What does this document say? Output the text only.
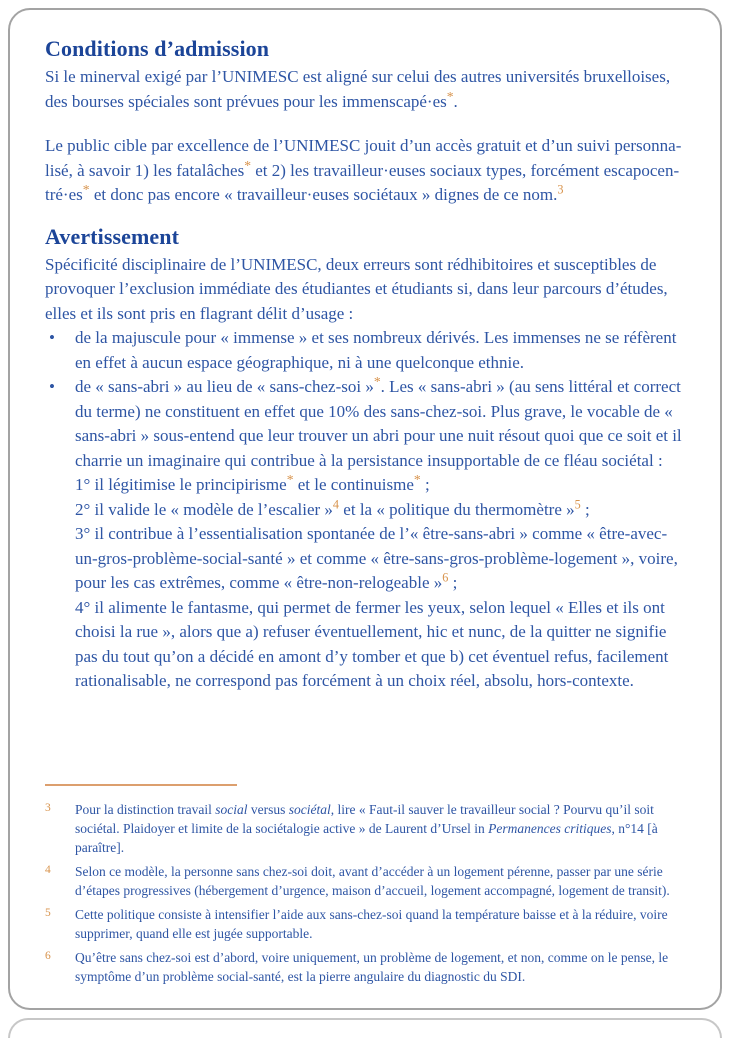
Conditions d’admission

Si le minerval exigé par l’UNIMESC est aligné sur celui des autres universités bruxelloises, des bourses spéciales sont prévues pour les immenscapé·es*.

Le public cible par excellence de l’UNIMESC jouit d’un accès gratuit et d’un suivi personnalisé, à savoir 1) les fatalâches* et 2) les travailleur·euses sociaux types, forcément escapocentré·es* et donc pas encore « travailleur·euses sociétaux » dignes de ce nom.$^3$

Avertissement

Spécificité disciplinaire de l’UNIMESC, deux erreurs sont rédhibitoires et susceptibles de provoquer l’exclusion immédiate des étudiantes et étudiants si, dans leur parcours d’études, elles et ils sont pris en flagrant délit d’usage :

• de la majuscule pour « immense » et ses nombreux dérivés. Les immenses ne se réfèrent en effet à aucun espace géographique, ni à une quelconque ethnie.
• de « sans-abri » au lieu de « sans-chez-soi »*. Les « sans-abri » (au sens littéral et correct du terme) ne constituent en effet que 10% des sans-chez-soi. Plus grave, le vocable de « sans-abri » sous-entend que leur trouver un abri pour une nuit résout quoi que ce soit et il charrie un imaginaire qui contribue à la persistance insupportable de ce fléau sociétal :
1° il légitimise le principirisme* et le continuisme* ;
2° il valide le « modèle de l’escalier »$^4$ et la « politique du thermomètre »$^5$ ;
3° il contribue à l’essentialisation spontanée de l’« être-sans-abri » comme « être-avec-un-gros-problème-social-santé » et comme « être-sans-gros-problème-logement », voire, pour les cas extrêmes, comme « être-non-relogeable »$^6$ ;
4° il alimente le fantasme, qui permet de fermer les yeux, selon lequel « Elles et ils ont choisi la rue », alors que a) refuser éventuellement, hic et nunc, de la quitter ne signifie pas du tout qu’on a décidé en amont d’y tomber et que b) cet éventuel refus, facilement rationalisable, ne correspond pas forcément à un choix réel, absolu, hors-contexte.
3	Pour la distinction travail social versus sociétal, lire « Faut-il sauver le travailleur social ? Pourvu qu’il soit sociétal. Plaidoyer et limite de la sociétalogie active » de Laurent d’Ursel in Permanences critiques, n°14 [à paraître].
4	Selon ce modèle, la personne sans chez-soi doit, avant d’accéder à un logement pérenne, passer par une série d’étapes progressives (hébergement d’urgence, maison d’accueil, logement accompagné, logement de transit).
5	Cette politique consiste à intensifier l’aide aux sans-chez-soi quand la température baisse et à la réduire, voire supprimer, quand elle est jugée supportable.
6	Qu’être sans chez-soi est d’abord, voire uniquement, un problème de logement, et non, comme on le pense, le symptôme d’un problème social-santé, est la pierre angulaire du diagnostic du SDI.
